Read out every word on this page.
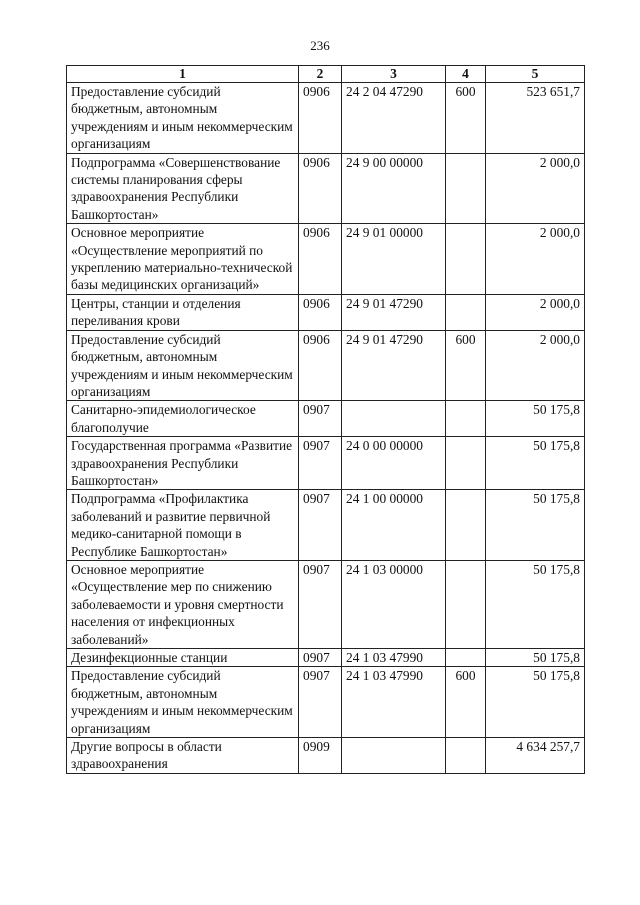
236
1	2	3	4	5
Предоставление субсидий бюджетным, автономным учреждениям и иным некоммерческим организациям	0906	24 2 04 47290	600	523 651,7
Подпрограмма «Совершенствование системы планирования сферы здравоохранения Республики Башкортостан»	0906	24 9 00 00000		2 000,0
Основное мероприятие «Осуществление мероприятий по укреплению материально-технической базы медицинских организаций»	0906	24 9 01 00000		2 000,0
Центры, станции и отделения переливания крови	0906	24 9 01 47290		2 000,0
Предоставление субсидий бюджетным, автономным учреждениям и иным некоммерческим организациям	0906	24 9 01 47290	600	2 000,0
Санитарно-эпидемиологическое благополучие	0907			50 175,8
Государственная программа «Развитие здравоохранения Республики Башкортостан»	0907	24 0 00 00000		50 175,8
Подпрограмма «Профилактика заболеваний и развитие первичной медико-санитарной помощи в Республике Башкортостан»	0907	24 1 00 00000		50 175,8
Основное мероприятие «Осуществление мер по снижению заболеваемости и уровня смертности населения от инфекционных заболеваний»	0907	24 1 03 00000		50 175,8
Дезинфекционные станции	0907	24 1 03 47990		50 175,8
Предоставление субсидий бюджетным, автономным учреждениям и иным некоммерческим организациям	0907	24 1 03 47990	600	50 175,8
Другие вопросы в области здравоохранения	0909			4 634 257,7
